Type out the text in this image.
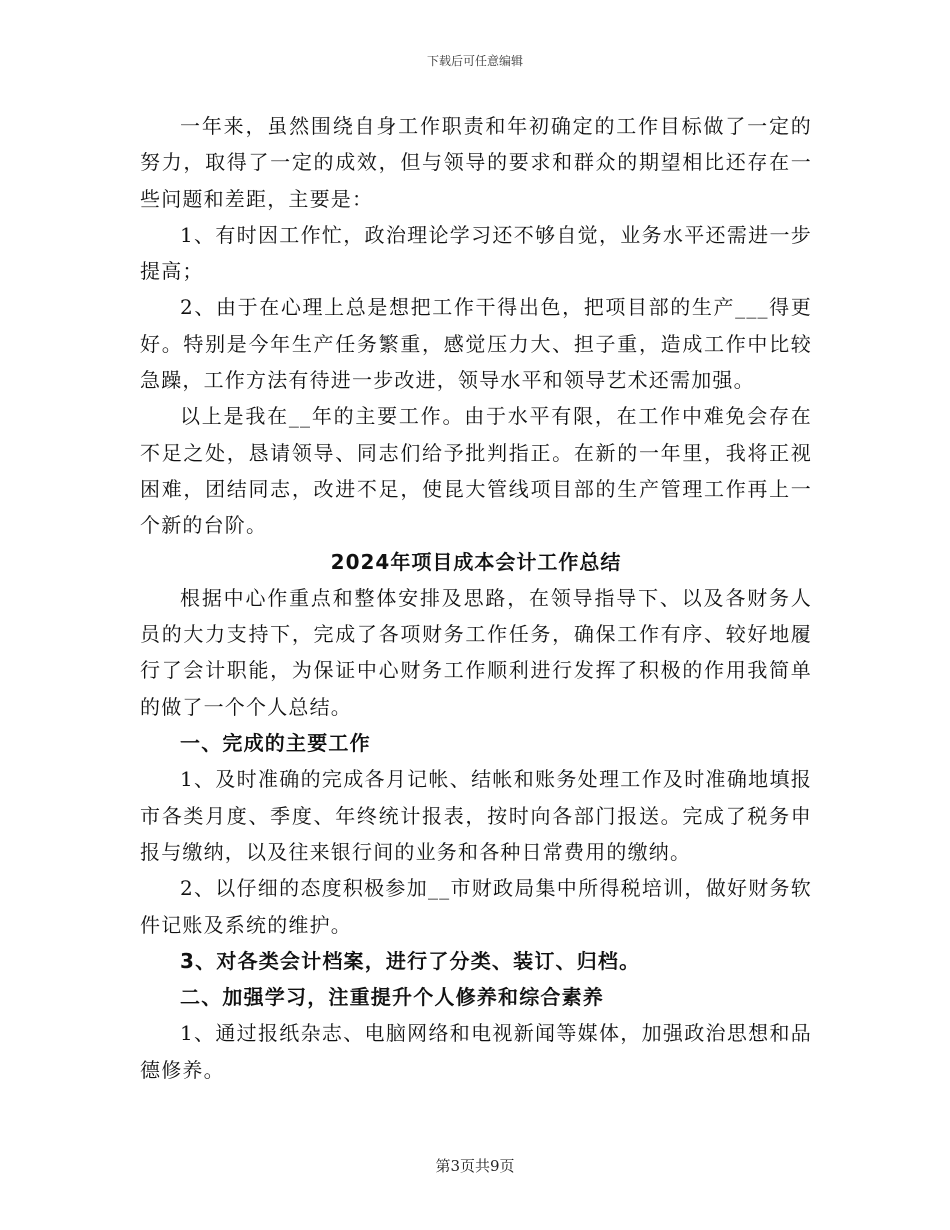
下载后可任意编辑

一年来，虽然围绕自身工作职责和年初确定的工作目标做了一定的努力，取得了一定的成效，但与领导的要求和群众的期望相比还存在一些问题和差距，主要是：

1、有时因工作忙，政治理论学习还不够自觉，业务水平还需进一步提高；

2、由于在心理上总是想把工作干得出色，把项目部的生产___得更好。特别是今年生产任务繁重，感觉压力大、担子重，造成工作中比较急躁，工作方法有待进一步改进，领导水平和领导艺术还需加强。

以上是我在__年的主要工作。由于水平有限，在工作中难免会存在不足之处，恳请领导、同志们给予批判指正。在新的一年里，我将正视困难，团结同志，改进不足，使昆大管线项目部的生产管理工作再上一个新的台阶。

2024年项目成本会计工作总结

根据中心作重点和整体安排及思路，在领导指导下、以及各财务人员的大力支持下，完成了各项财务工作任务，确保工作有序、较好地履行了会计职能，为保证中心财务工作顺利进行发挥了积极的作用我简单的做了一个个人总结。

一、完成的主要工作

1、及时准确的完成各月记帐、结帐和账务处理工作及时准确地填报市各类月度、季度、年终统计报表，按时向各部门报送。完成了税务申报与缴纳，以及往来银行间的业务和各种日常费用的缴纳。

2、以仔细的态度积极参加__市财政局集中所得税培训，做好财务软件记账及系统的维护。

3、对各类会计档案，进行了分类、装订、归档。

二、加强学习，注重提升个人修养和综合素养

1、通过报纸杂志、电脑网络和电视新闻等媒体，加强政治思想和品德修养。

第3页共9页
